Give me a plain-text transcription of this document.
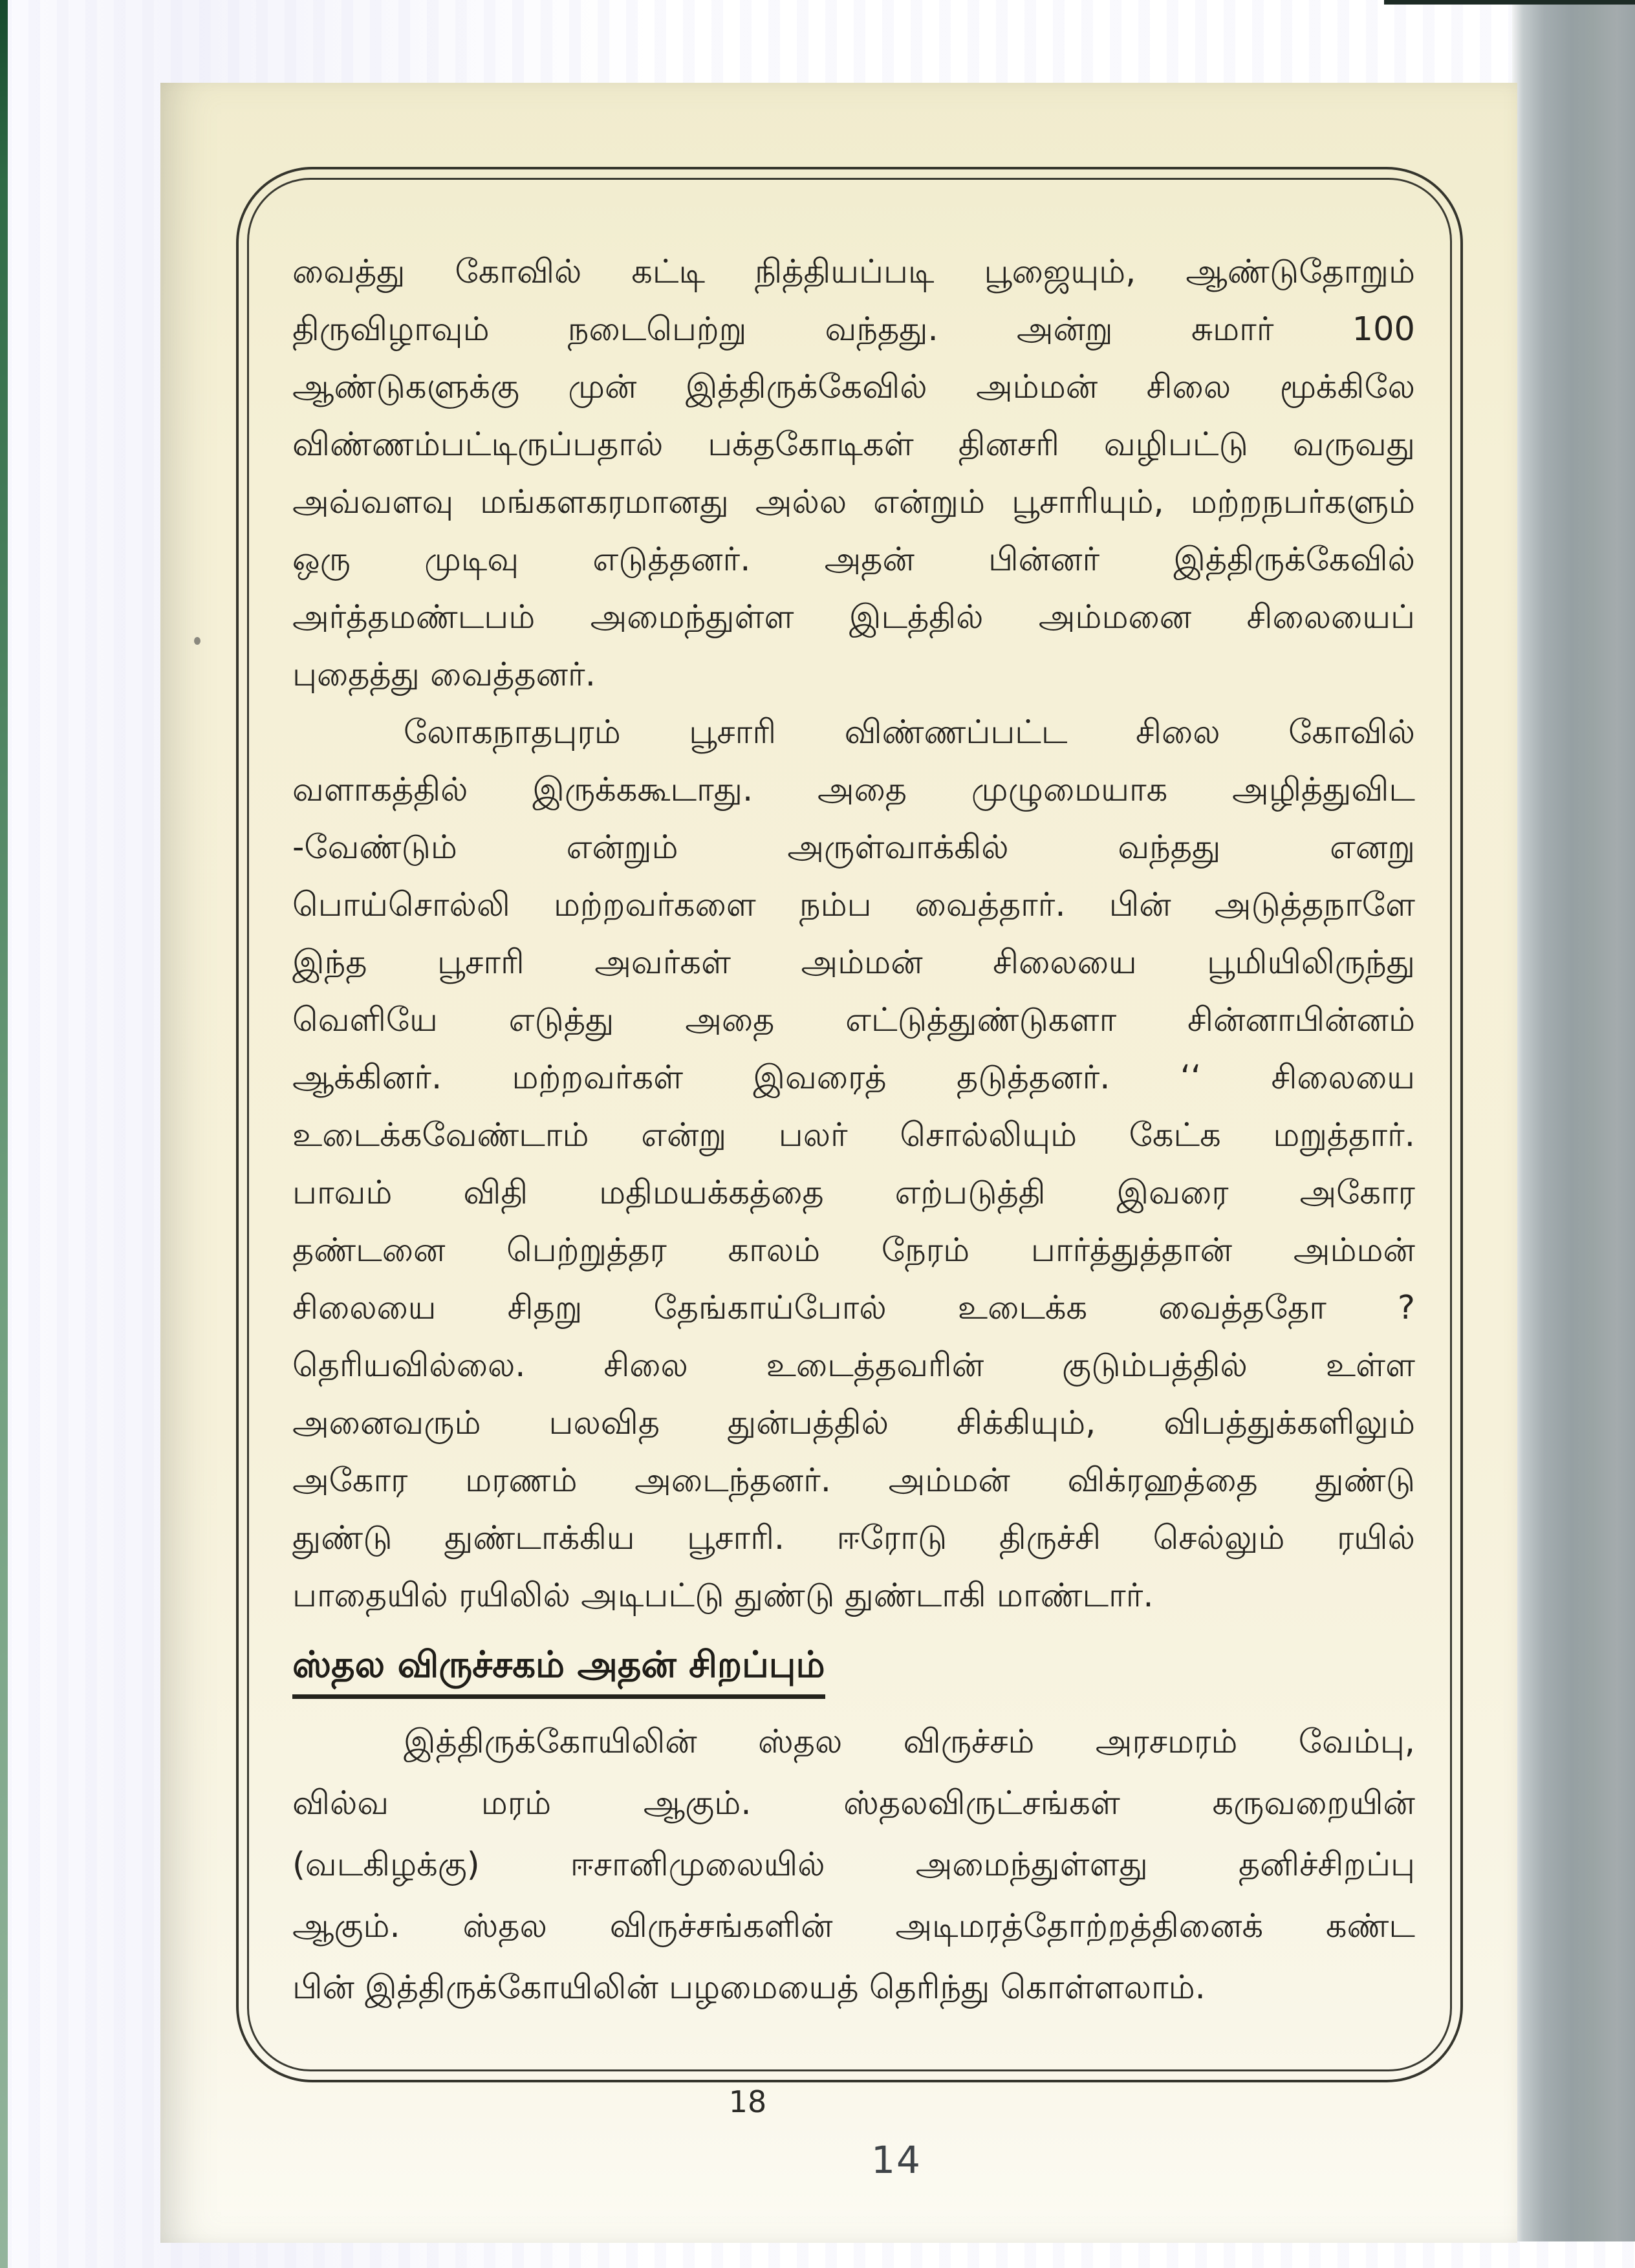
வைத்து கோவில் கட்டி நித்தியப்படி பூஜையும், ஆண்டுதோறும்
திருவிழாவும் நடைபெற்று வந்தது. அன்று சுமார் 100
ஆண்டுகளுக்கு முன் இத்திருக்கேவில் அம்மன் சிலை மூக்கிலே
விண்ணம்பட்டிருப்பதால் பக்தகோடிகள் தினசரி வழிபட்டு வருவது
அவ்வளவு மங்களகரமானது அல்ல என்றும் பூசாரியும், மற்றநபர்களும்
ஒரு முடிவு எடுத்தனர். அதன் பின்னர் இத்திருக்கேவில்
அர்த்தமண்டபம் அமைந்துள்ள இடத்தில் அம்மனை சிலையைப்
புதைத்து வைத்தனர்.
லோகநாதபுரம் பூசாரி விண்ணப்பட்ட சிலை கோவில்
வளாகத்தில் இருக்ககூடாது. அதை முழுமையாக அழித்துவிட
-வேண்டும் என்றும் அருள்வாக்கில் வந்தது எனறு
பொய்சொல்லி மற்றவர்களை நம்ப வைத்தார். பின் அடுத்தநாளே
இந்த பூசாரி அவர்கள் அம்மன் சிலையை பூமியிலிருந்து
வெளியே எடுத்து அதை எட்டுத்துண்டுகளா சின்னாபின்னம்
ஆக்கினர். மற்றவர்கள் இவரைத் தடுத்தனர். ‘‘ சிலையை
உடைக்கவேண்டாம் என்று பலர் சொல்லியும் கேட்க மறுத்தார்.
பாவம் விதி மதிமயக்கத்தை எற்படுத்தி இவரை அகோர
தண்டனை பெற்றுத்தர காலம் நேரம் பார்த்துத்தான் அம்மன்
சிலையை சிதறு தேங்காய்போல் உடைக்க வைத்ததோ ?
தெரியவில்லை. சிலை உடைத்தவரின் குடும்பத்தில் உள்ள
அனைவரும் பலவித துன்பத்தில் சிக்கியும், விபத்துக்களிலும்
அகோர மரணம் அடைந்தனர். அம்மன் விக்ரஹத்தை துண்டு
துண்டு துண்டாக்கிய பூசாரி. ஈரோடு திருச்சி செல்லும் ரயில்
பாதையில் ரயிலில் அடிபட்டு துண்டு துண்டாகி மாண்டார்.
ஸ்தல விருச்சகம் அதன் சிறப்பும்
இத்திருக்கோயிலின் ஸ்தல விருச்சம் அரசமரம் வேம்பு,
வில்வ மரம் ஆகும். ஸ்தலவிருட்சங்கள் கருவறையின்
(வடகிழக்கு) ஈசானிமுலையில் அமைந்துள்ளது தனிச்சிறப்பு
ஆகும். ஸ்தல விருச்சங்களின் அடிமரத்தோற்றத்தினைக் கண்ட
பின் இத்திருக்கோயிலின் பழமையைத் தெரிந்து கொள்ளலாம்.
18
14
